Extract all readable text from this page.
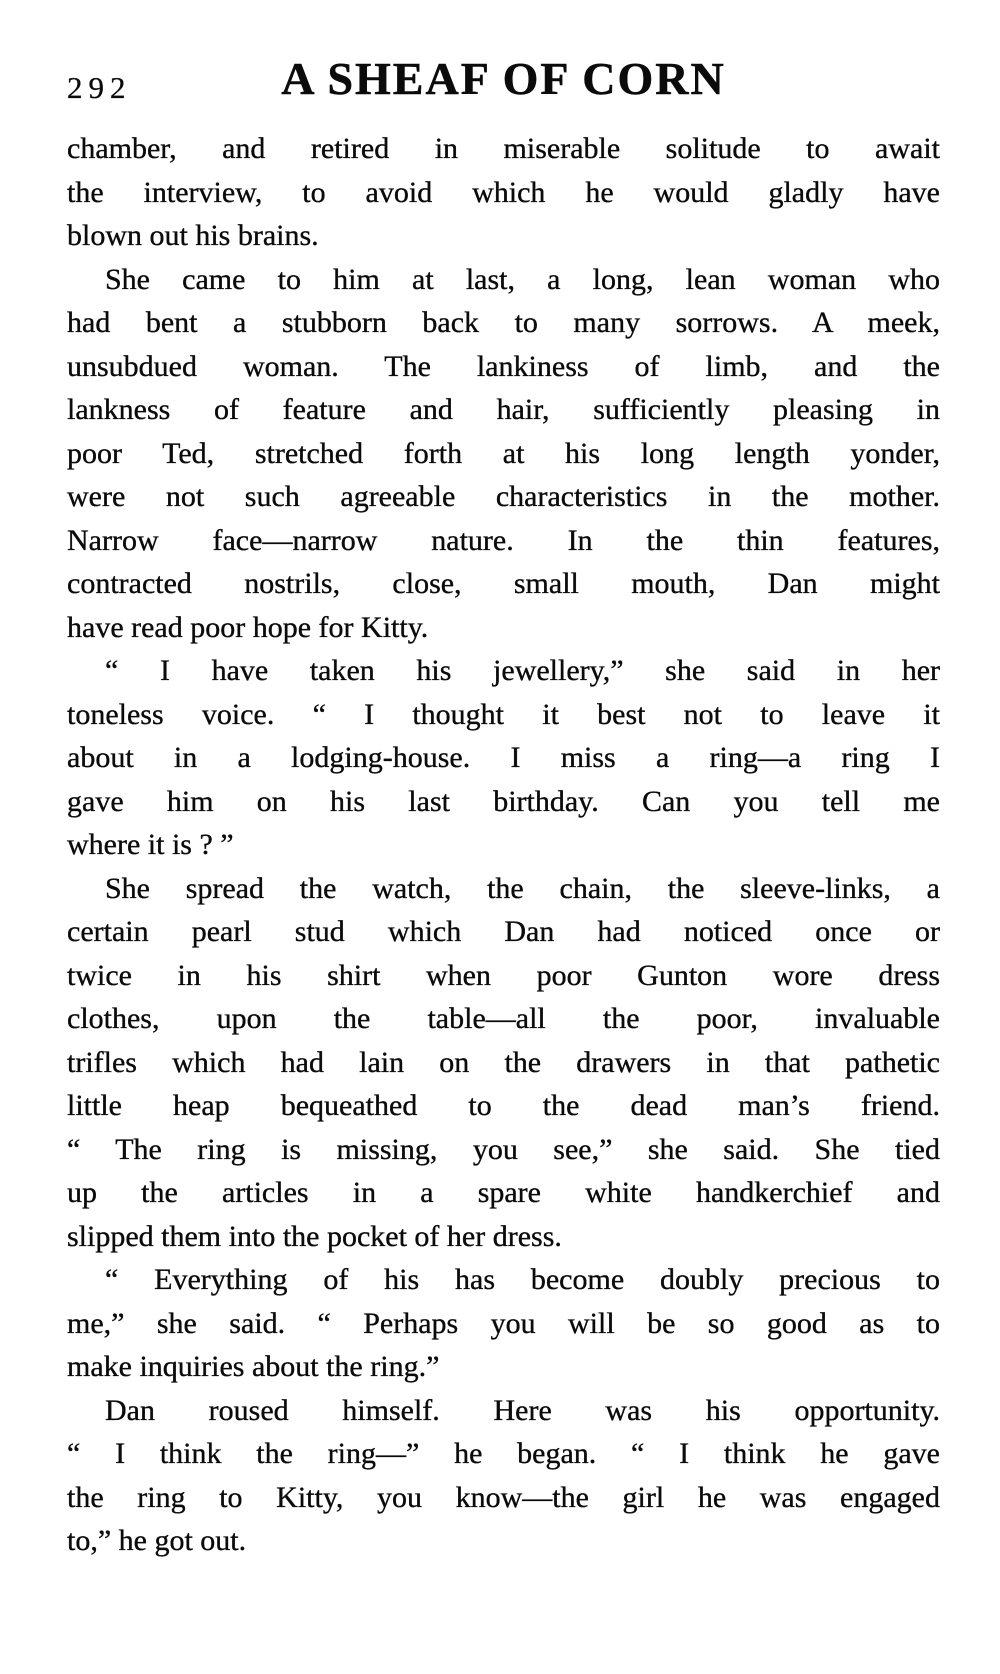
292	A SHEAF OF CORN
chamber, and retired in miserable solitude to await
the interview, to avoid which he would gladly have
blown out his brains.
She came to him at last, a long, lean woman who
had bent a stubborn back to many sorrows. A meek,
unsubdued woman. The lankiness of limb, and the
lankness of feature and hair, sufficiently pleasing in
poor Ted, stretched forth at his long length yonder,
were not such agreeable characteristics in the mother.
Narrow face—narrow nature. In the thin features,
contracted nostrils, close, small mouth, Dan might
have read poor hope for Kitty.
“ I have taken his jewellery,” she said in her
toneless voice. “ I thought it best not to leave it
about in a lodging-house. I miss a ring—a ring I
gave him on his last birthday. Can you tell me
where it is ? ”
She spread the watch, the chain, the sleeve-links, a
certain pearl stud which Dan had noticed once or
twice in his shirt when poor Gunton wore dress
clothes, upon the table—all the poor, invaluable
trifles which had lain on the drawers in that pathetic
little heap bequeathed to the dead man’s friend.
“ The ring is missing, you see,” she said. She tied
up the articles in a spare white handkerchief and
slipped them into the pocket of her dress.
“ Everything of his has become doubly precious to
me,” she said. “ Perhaps you will be so good as to
make inquiries about the ring.”
Dan roused himself. Here was his opportunity.
“ I think the ring—” he began. “ I think he gave
the ring to Kitty, you know—the girl he was engaged
to,” he got out.
